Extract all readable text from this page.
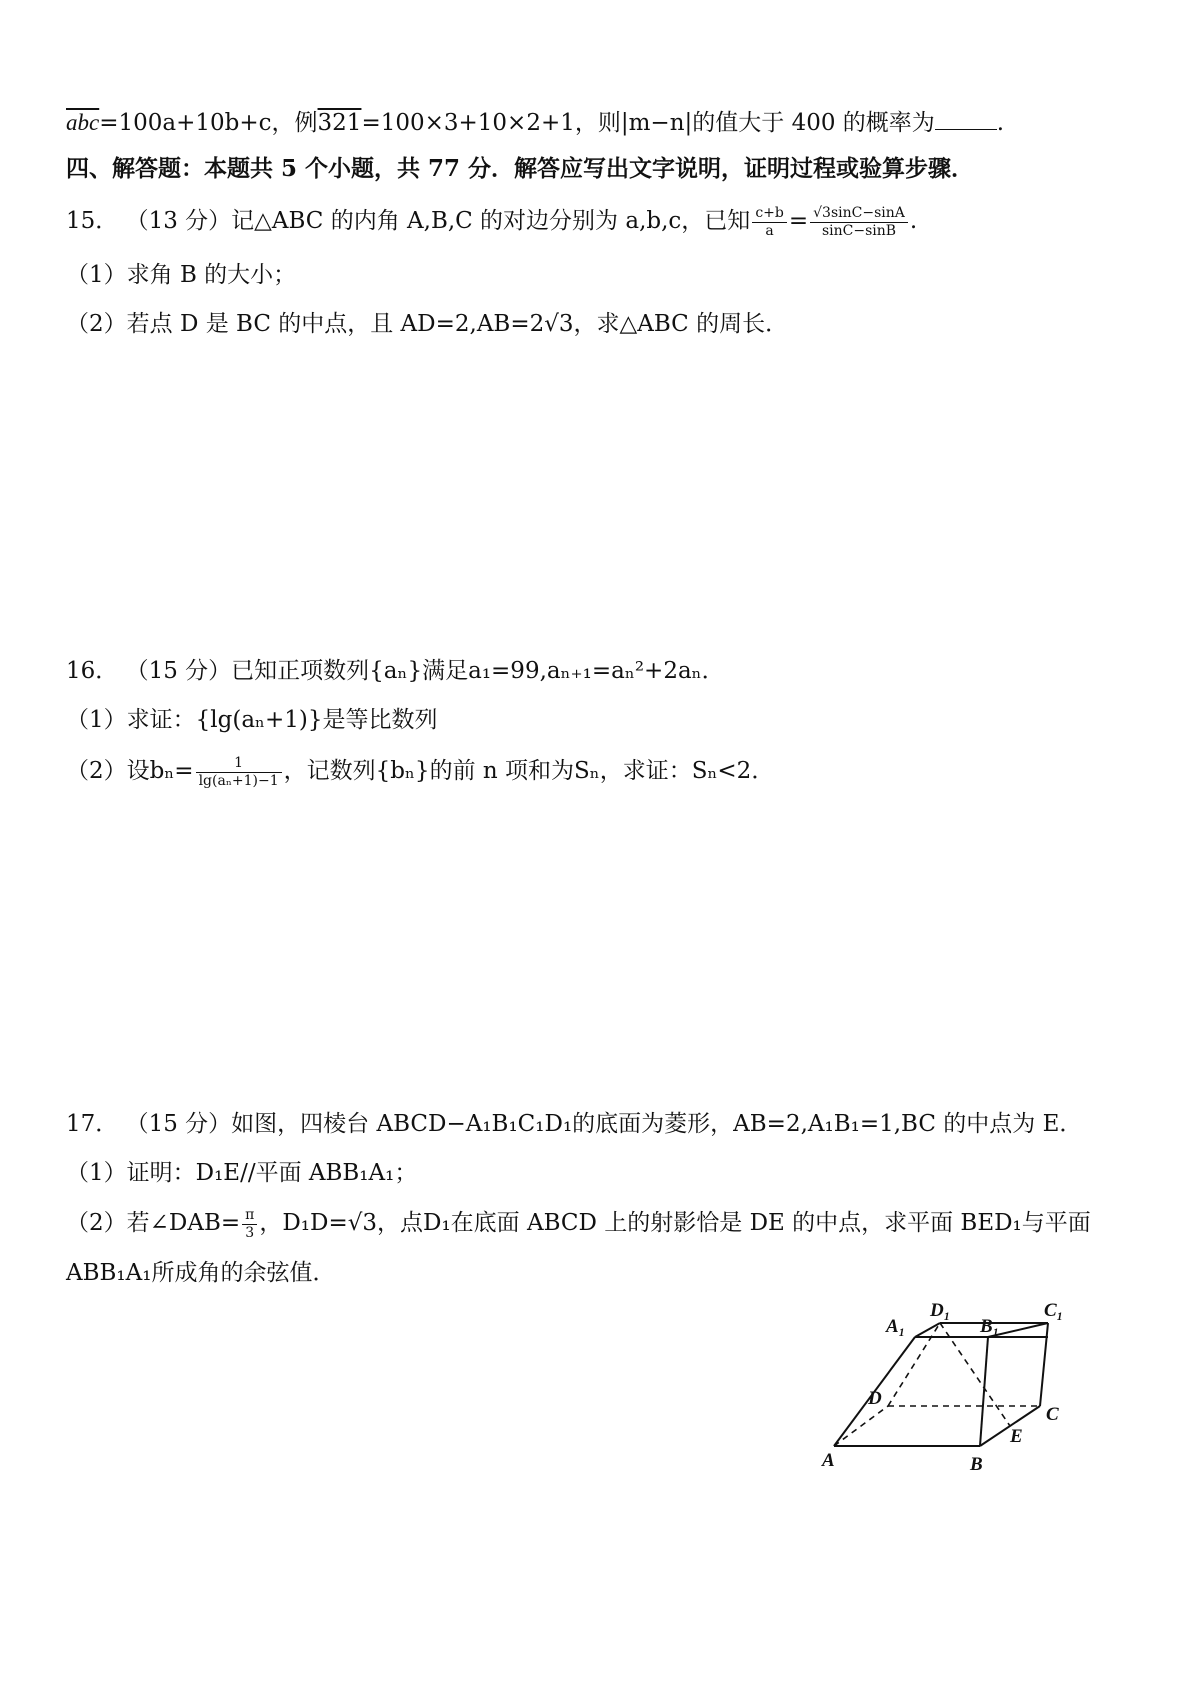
$\overline{abc}=100a+10b+c$，例321=100×3+10×2+1，则|m−n|的值大于 400 的概率为	.
四、解答题：本题共 5 个小题，共 77 分．解答应写出文字说明，证明过程或验算步骤．
15． （13 分）记△ABC 的内角 A,B,C 的对边分别为 a,b,c，已知 $\frac{c+b}{a} = \frac{√3\sin C-\sin A}{\sin C-\sin B}$ .
（1）求角 B 的大小；
（2）若点 D 是 BC 的中点，且 AD=2,AB=2√3，求△ABC 的周长．
16． （15 分）已知正项数列{aₙ}满足a₁=99,aₙ₊₁=aₙ²+2aₙ．
（1）求证：{lg(aₙ+1)}是等比数列
（2）设$b_n= \frac{1}{\text{lg(aₙ+1)−1}}$ ，记数列{bₙ}的前 n 项和为Sₙ，求证：Sₙ<2．
17． （15 分）如图，四棱台 ABCD−A₁B₁C₁D₁的底面为菱形，AB=2,A₁B₁=1,BC 的中点为 E．
（1）证明：D₁E//平面 ABB₁A₁；
（2）若∠DAB= $\frac{\pi}{3}$ ，D₁D=√3，点D₁在底面 ABCD 上的射影恰是 DE 的中点，求平面 BED₁与平面
ABB₁A₁所成角的余弦值．
A	B
C
D
E
A₁	B₁
C₁
D₁
